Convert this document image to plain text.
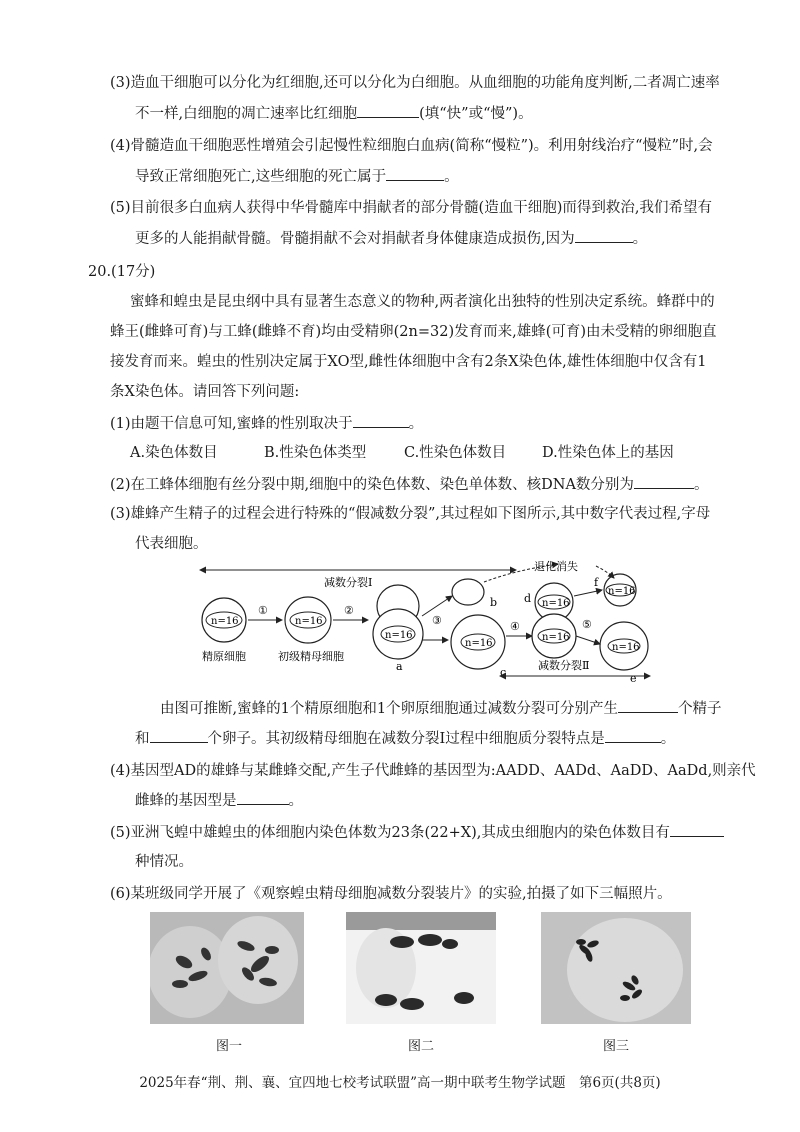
(3)造血干细胞可以分化为红细胞,还可以分化为白细胞。从血细胞的功能角度判断,二者凋亡速率
不一样,白细胞的凋亡速率比红细胞	(填“快”或“慢”)。
(4)骨髓造血干细胞恶性增殖会引起慢性粒细胞白血病(简称“慢粒”)。利用射线治疗“慢粒”时,会
导致正常细胞死亡,这些细胞的死亡属于	。
(5)目前很多白血病人获得中华骨髓库中捐献者的部分骨髓(造血干细胞)而得到救治,我们希望有
更多的人能捐献骨髓。骨髓捐献不会对捐献者身体健康造成损伤,因为	。
20.(17分)
蜜蜂和蝗虫是昆虫纲中具有显著生态意义的物种,两者演化出独特的性别决定系统。蜂群中的
蜂王(雌蜂可育)与工蜂(雌蜂不育)均由受精卵(2n=32)发育而来,雄蜂(可育)由未受精的卵细胞直
接发育而来。蝗虫的性别决定属于XO型,雌性体细胞中含有2条X染色体,雄性体细胞中仅含有1
条X染色体。请回答下列问题:
(1)由题干信息可知,蜜蜂的性别取决于	。
A.染色体数目	B.性染色体类型	C.性染色体数目 D.性染色体上的基因
(2)在工蜂体细胞有丝分裂中期,细胞中的染色体数、染色单体数、核DNA数分别为	。
(3)雄蜂产生精子的过程会进行特殊的“假减数分裂”,其过程如下图所示,其中数字代表过程,字母
代表细胞。
减数分裂Ⅰ
退化消失
n=16
精原细胞
①
n=16
初级精母细胞
②
n=16
a
b
③
n=16
c
④
n=16
n=16
d
⑤
n=16
f
n=16
e
减数分裂Ⅱ
由图可推断,蜜蜂的1个精原细胞和1个卵原细胞通过减数分裂可分别产生	个精子
和	个卵子。其初级精母细胞在减数分裂Ⅰ过程中细胞质分裂特点是	。
(4)基因型AD的雄蜂与某雌蜂交配,产生子代雌蜂的基因型为:AADD、AADd、AaDD、AaDd,则亲代
雌蜂的基因型是	。
(5)亚洲飞蝗中雄蝗虫的体细胞内染色体数为23条(22+X),其成虫细胞内的染色体数目有
种情况。
(6)某班级同学开展了《观察蝗虫精母细胞减数分裂装片》的实验,拍摄了如下三幅照片。
图一	图二	图三
2025年春“荆、荆、襄、宜四地七校考试联盟”高一期中联考生物学试题　第6页(共8页)
